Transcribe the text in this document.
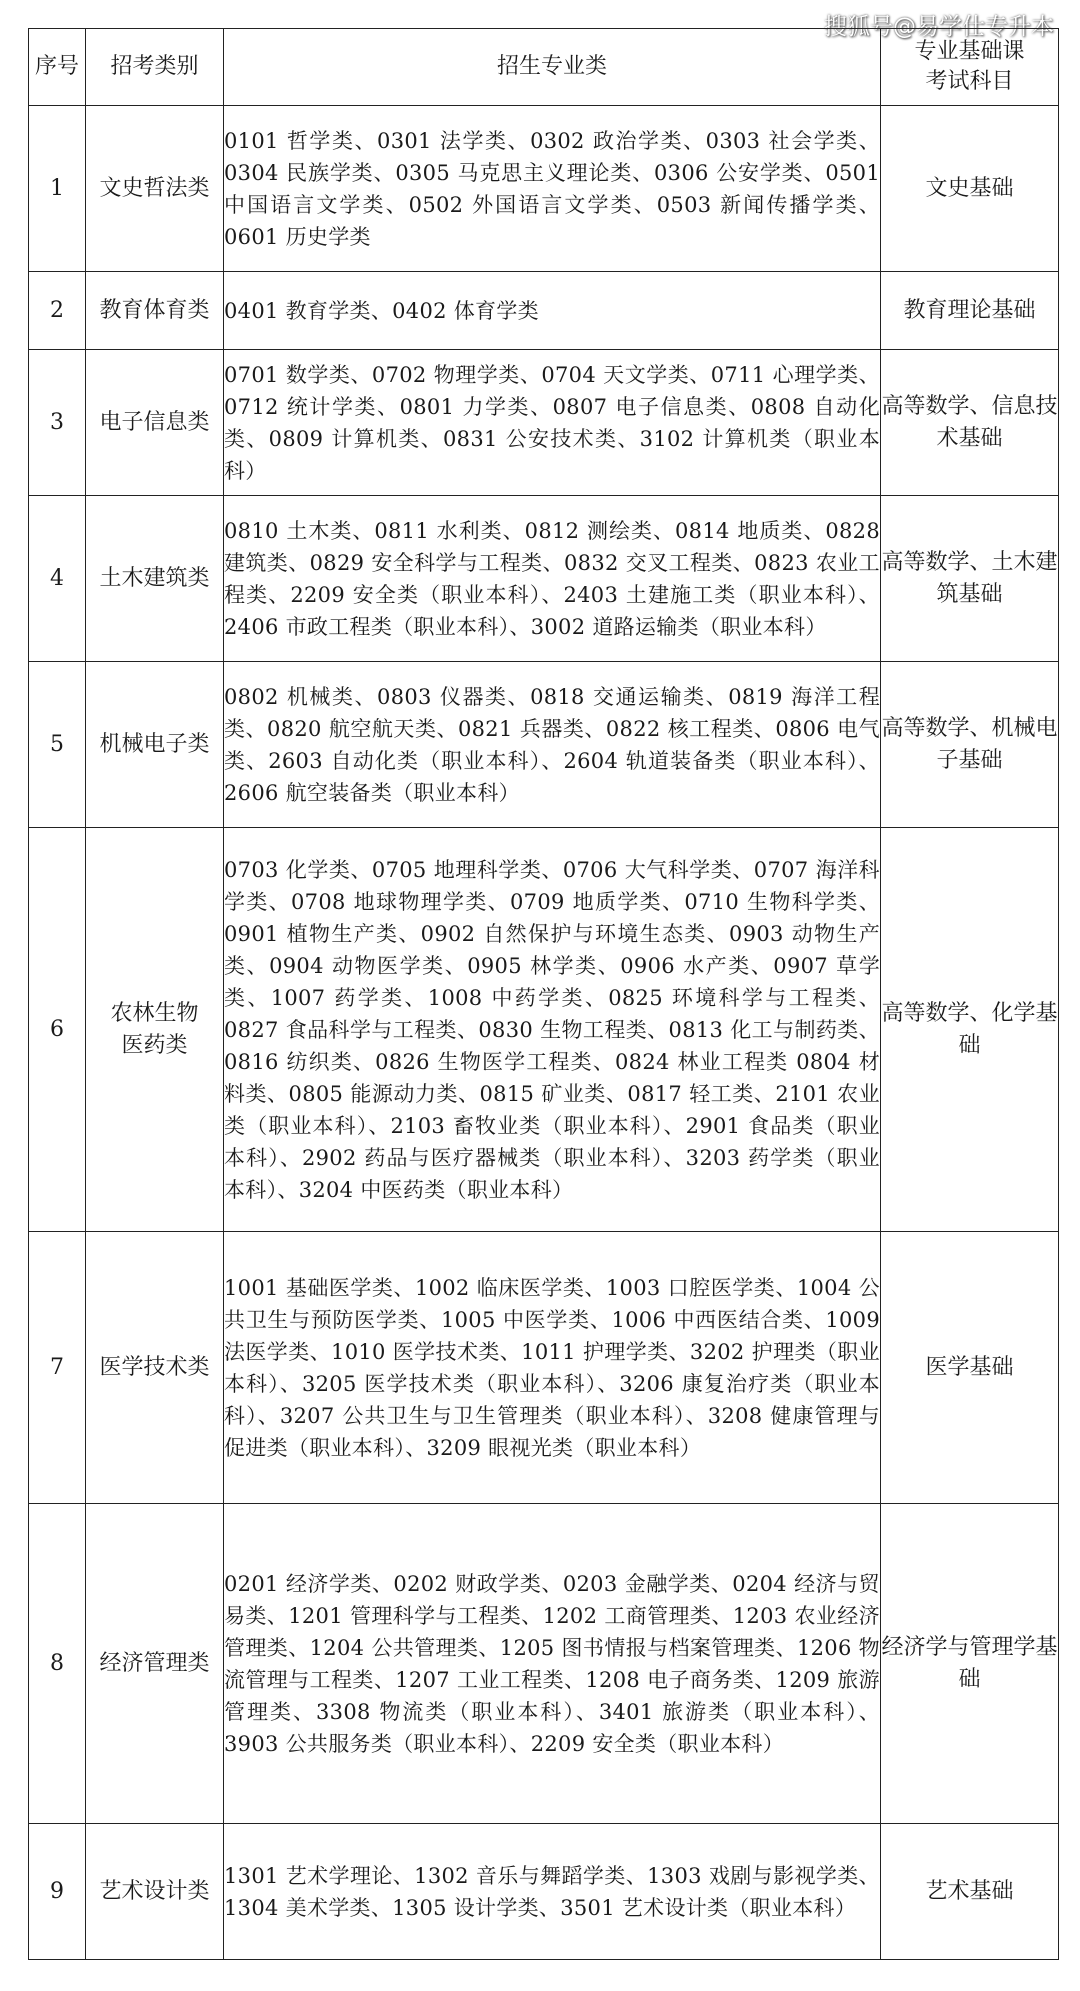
搜狐号@易学仕专升本
序号	招考类别	招生专业类	专业基础课
考试科目

1	文史哲法类	0101 哲学类、0301 法学类、0302 政治学类、0303 社会学类、0304 民族学类、0305 马克思主义理论类、0306 公安学类、0501 中国语言文学类、0502 外国语言文学类、0503 新闻传播学类、0601 历史学类	文史基础
2	教育体育类	0401 教育学类、0402 体育学类	教育理论基础
3	电子信息类	0701 数学类、0702 物理学类、0704 天文学类、0711 心理学类、0712 统计学类、0801 力学类、0807 电子信息类、0808 自动化类、0809 计算机类、0831 公安技术类、3102 计算机类（职业本科）	高等数学、信息技术基础
4	土木建筑类	0810 土木类、0811 水利类、0812 测绘类、0814 地质类、0828 建筑类、0829 安全科学与工程类、0832 交叉工程类、0823 农业工程类、2209 安全类（职业本科）、2403 土建施工类（职业本科）、2406 市政工程类（职业本科）、3002 道路运输类（职业本科）	高等数学、土木建筑基础
5	机械电子类	0802 机械类、0803 仪器类、0818 交通运输类、0819 海洋工程类、0820 航空航天类、0821 兵器类、0822 核工程类、0806 电气类、2603 自动化类（职业本科）、2604 轨道装备类（职业本科）、2606 航空装备类（职业本科）	高等数学、机械电子基础
6	农林生物医药类	0703 化学类、0705 地理科学类、0706 大气科学类、0707 海洋科学类、0708 地球物理学类、0709 地质学类、0710 生物科学类、0901 植物生产类、0902 自然保护与环境生态类、0903 动物生产类、0904 动物医学类、0905 林学类、0906 水产类、0907 草学类、1007 药学类、1008 中药学类、0825 环境科学与工程类、0827 食品科学与工程类、0830 生物工程类、0813 化工与制药类、0816 纺织类、0826 生物医学工程类、0824 林业工程类 0804 材料类、0805 能源动力类、0815 矿业类、0817 轻工类、2101 农业类（职业本科）、2103 畜牧业类（职业本科）、2901 食品类（职业本科）、2902 药品与医疗器械类（职业本科）、3203 药学类（职业本科）、3204 中医药类（职业本科）	高等数学、化学基础
7	医学技术类	1001 基础医学类、1002 临床医学类、1003 口腔医学类、1004 公共卫生与预防医学类、1005 中医学类、1006 中西医结合类、1009 法医学类、1010 医学技术类、1011 护理学类、3202 护理类（职业本科）、3205 医学技术类（职业本科）、3206 康复治疗类（职业本科）、3207 公共卫生与卫生管理类（职业本科）、3208 健康管理与促进类（职业本科）、3209 眼视光类（职业本科）	医学基础
8	经济管理类	0201 经济学类、0202 财政学类、0203 金融学类、0204 经济与贸易类、1201 管理科学与工程类、1202 工商管理类、1203 农业经济管理类、1204 公共管理类、1205 图书情报与档案管理类、1206 物流管理与工程类、1207 工业工程类、1208 电子商务类、1209 旅游管理类、3308 物流类（职业本科）、3401 旅游类（职业本科）、3903 公共服务类（职业本科）、2209 安全类（职业本科）	经济学与管理学基础
9	艺术设计类	1301 艺术学理论、1302 音乐与舞蹈学类、1303 戏剧与影视学类、1304 美术学类、1305 设计学类、3501 艺术设计类（职业本科）	艺术基础
